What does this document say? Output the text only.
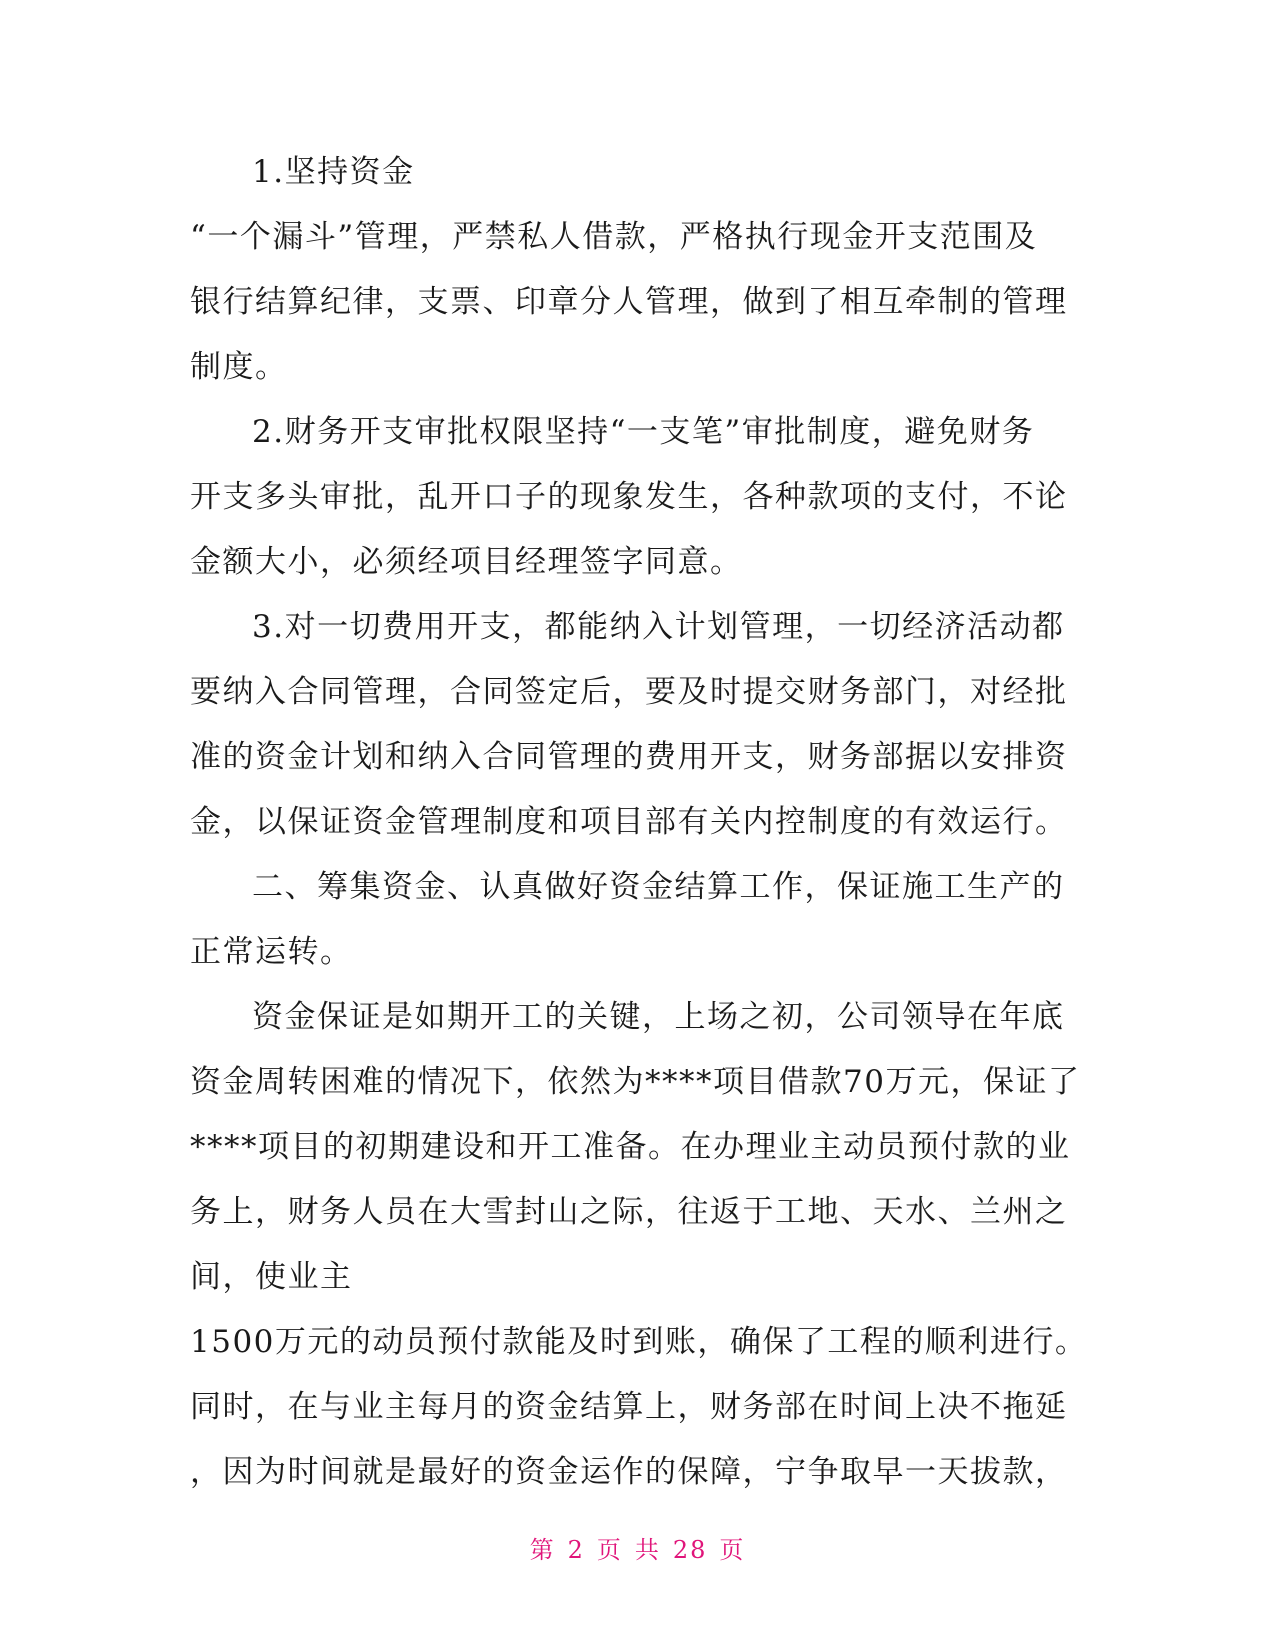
1.坚持资金
“一个漏斗”管理，严禁私人借款，严格执行现金开支范围及
银行结算纪律，支票、印章分人管理，做到了相互牵制的管理
制度。
2.财务开支审批权限坚持“一支笔”审批制度，避免财务
开支多头审批，乱开口子的现象发生，各种款项的支付，不论
金额大小，必须经项目经理签字同意。
3.对一切费用开支，都能纳入计划管理，一切经济活动都
要纳入合同管理，合同签定后，要及时提交财务部门，对经批
准的资金计划和纳入合同管理的费用开支，财务部据以安排资
金，以保证资金管理制度和项目部有关内控制度的有效运行。
二、筹集资金、认真做好资金结算工作，保证施工生产的
正常运转。
资金保证是如期开工的关键，上场之初，公司领导在年底
资金周转困难的情况下，依然为****项目借款70万元，保证了
****项目的初期建设和开工准备。在办理业主动员预付款的业
务上，财务人员在大雪封山之际，往返于工地、天水、兰州之
间，使业主
1500万元的动员预付款能及时到账，确保了工程的顺利进行。
同时，在与业主每月的资金结算上，财务部在时间上决不拖延
，因为时间就是最好的资金运作的保障，宁争取早一天拔款，
第 2 页 共 28 页
